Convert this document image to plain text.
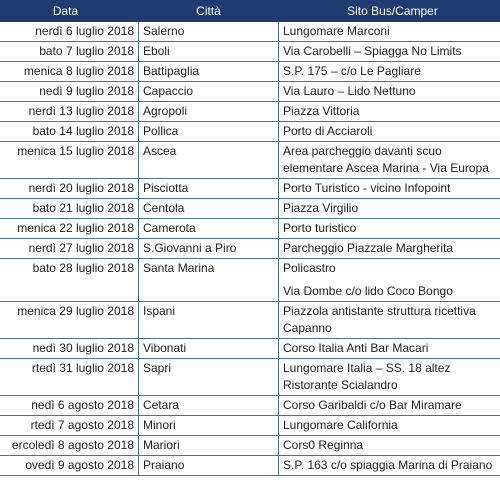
Data	Città	Sito Bus/Camper
nerdì 6 luglio 2018	Salerno	Lungomare Marconi

bato 7 luglio 2018	Eboli	Via Carobelli – Spiagga No Limits

menica 8 luglio 2018	Battipaglia	S.P. 175 – c/o Le Pagliare

nedì 9 luglio 2018	Capaccio	Via Lauro – Lido Nettuno

nerdì 13 luglio 2018	Agropoli	Piazza Vittoria

bato 14 luglio 2018	Pollica	Porto di Acciaroli

menica 15 luglio 2018	Ascea	Area parcheggio davanti scuo
elementare Ascea Marina - Via Europa

nerdì 20 luglio 2018	Pisciotta	Porto Turistico - vicino Infopoint

bato 21 luglio 2018	Centola	Piazza Virgilio

menica 22 luglio 2018	Camerota	Porto turistico

nerdì 27 luglio 2018	S.Giovanni a Piro	Parcheggio Piazzale Margherita

bato 28 luglio 2018	Santa Marina	Policastro
Via Dombe c/o lido Coco Bongo

menica 29 luglio 2018	Ispani	Piazzola antistante struttura ricettiva
Capanno

nedì 30 luglio 2018	Vibonati	Corso Italia Anti Bar Macari

rtedì 31 luglio 2018	Sapri	Lungomare Italia – SS. 18 altez
Ristorante Scialandro

nedì 6 agosto 2018	Cetara	Corso Garibaldi c/o Bar Miramare

rtedì 7 agosto 2018	Minori	Lungomare California

ercoledì 8 agosto 2018	Mariori	Cors0 Reginna

ovedì 9 agosto 2018	Praiano	S.P. 163 c/o spiaggia Marina di Praiano
